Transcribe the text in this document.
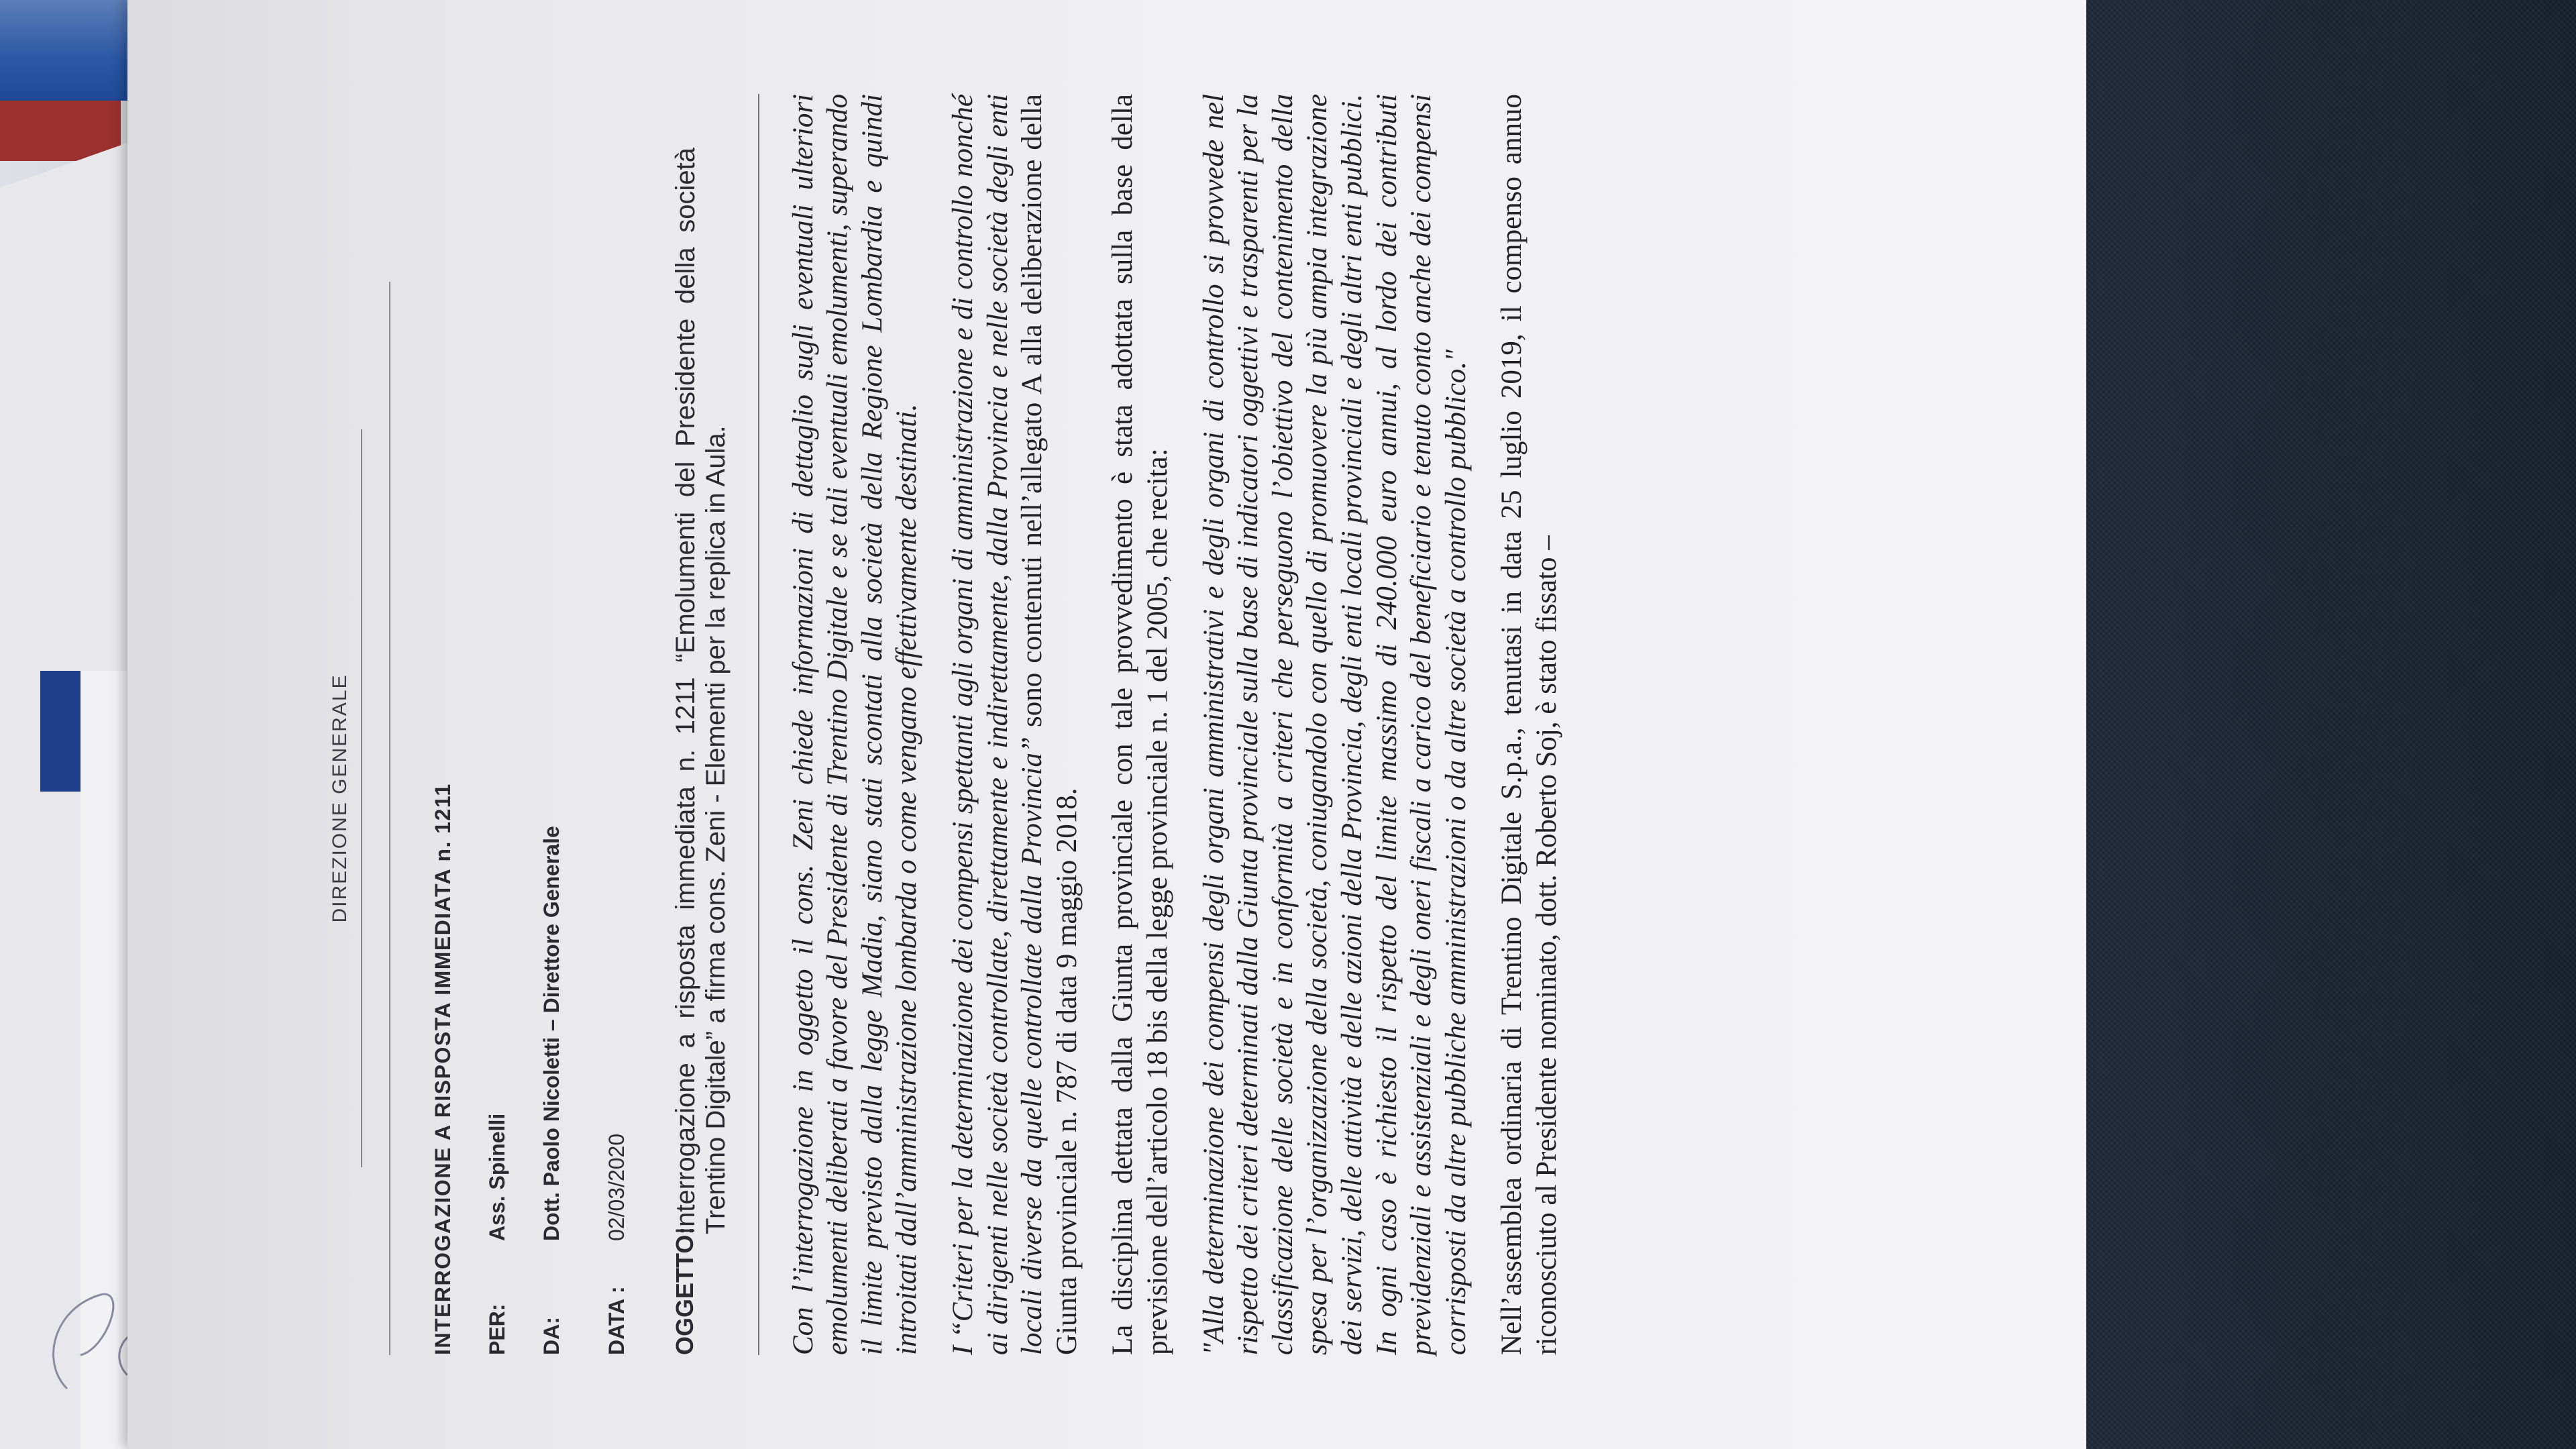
DIREZIONE GENERALE	INTERROGAZIONE A RISPOSTA IMMEDIATA n. 1211 PER:
Ass. Spinelli
DA:
Dott. Paolo Nicoletti – Direttore Generale
DATA :
02/03/2020
OGGETTO:
Interrogazione a risposta immediata n. 1211 “Emolumenti del Presidente della società Trentino Digitale” a firma cons. Zeni - Elementi per la replica in Aula. Con l’interrogazione in oggetto il cons. Zeni chiede informazioni di dettaglio sugli eventuali ulteriori emolumenti deliberati a favore del Presidente di Trentino Digitale e se tali eventuali emolumenti, superando il limite previsto dalla legge Madia, siano stati scontati alla società della Regione Lombardia e quindi introitati dall’amministrazione lombarda o come vengano effettivamente destinati. I “Criteri per la determinazione dei compensi spettanti agli organi di amministrazione e di controllo nonché ai dirigenti nelle società controllate, direttamente e indirettamente, dalla Provincia e nelle società degli enti locali diverse da quelle controllate dalla Provincia” sono contenuti nell’allegato A alla deliberazione della Giunta provinciale n. 787 di data 9 maggio 2018. La disciplina dettata dalla Giunta provinciale con tale provvedimento è stata adottata sulla base della previsione dell’articolo 18 bis della legge provinciale n. 1 del 2005, che recita: "Alla determinazione dei compensi degli organi amministrativi e degli organi di controllo si provvede nel rispetto dei criteri determinati dalla Giunta provinciale sulla base di indicatori oggettivi e trasparenti per la classificazione delle società e in conformità a criteri che perseguono l’obiettivo del contenimento della spesa per l’organizzazione della società, coniugandolo con quello di promuovere la più ampia integrazione dei servizi, delle attività e delle azioni della Provincia, degli enti locali provinciali e degli altri enti pubblici. In ogni caso è richiesto il rispetto del limite massimo di 240.000 euro annui, al lordo dei contributi previdenziali e assistenziali e degli oneri fiscali a carico del beneficiario e tenuto conto anche dei compensi corrisposti da altre pubbliche amministrazioni o da altre società a controllo pubblico." Nell’assemblea ordinaria di Trentino Digitale S.p.a., tenutasi in data 25 luglio 2019, il compenso annuo riconosciuto al Presidente nominato, dott. Roberto Soj, è stato fissato –
